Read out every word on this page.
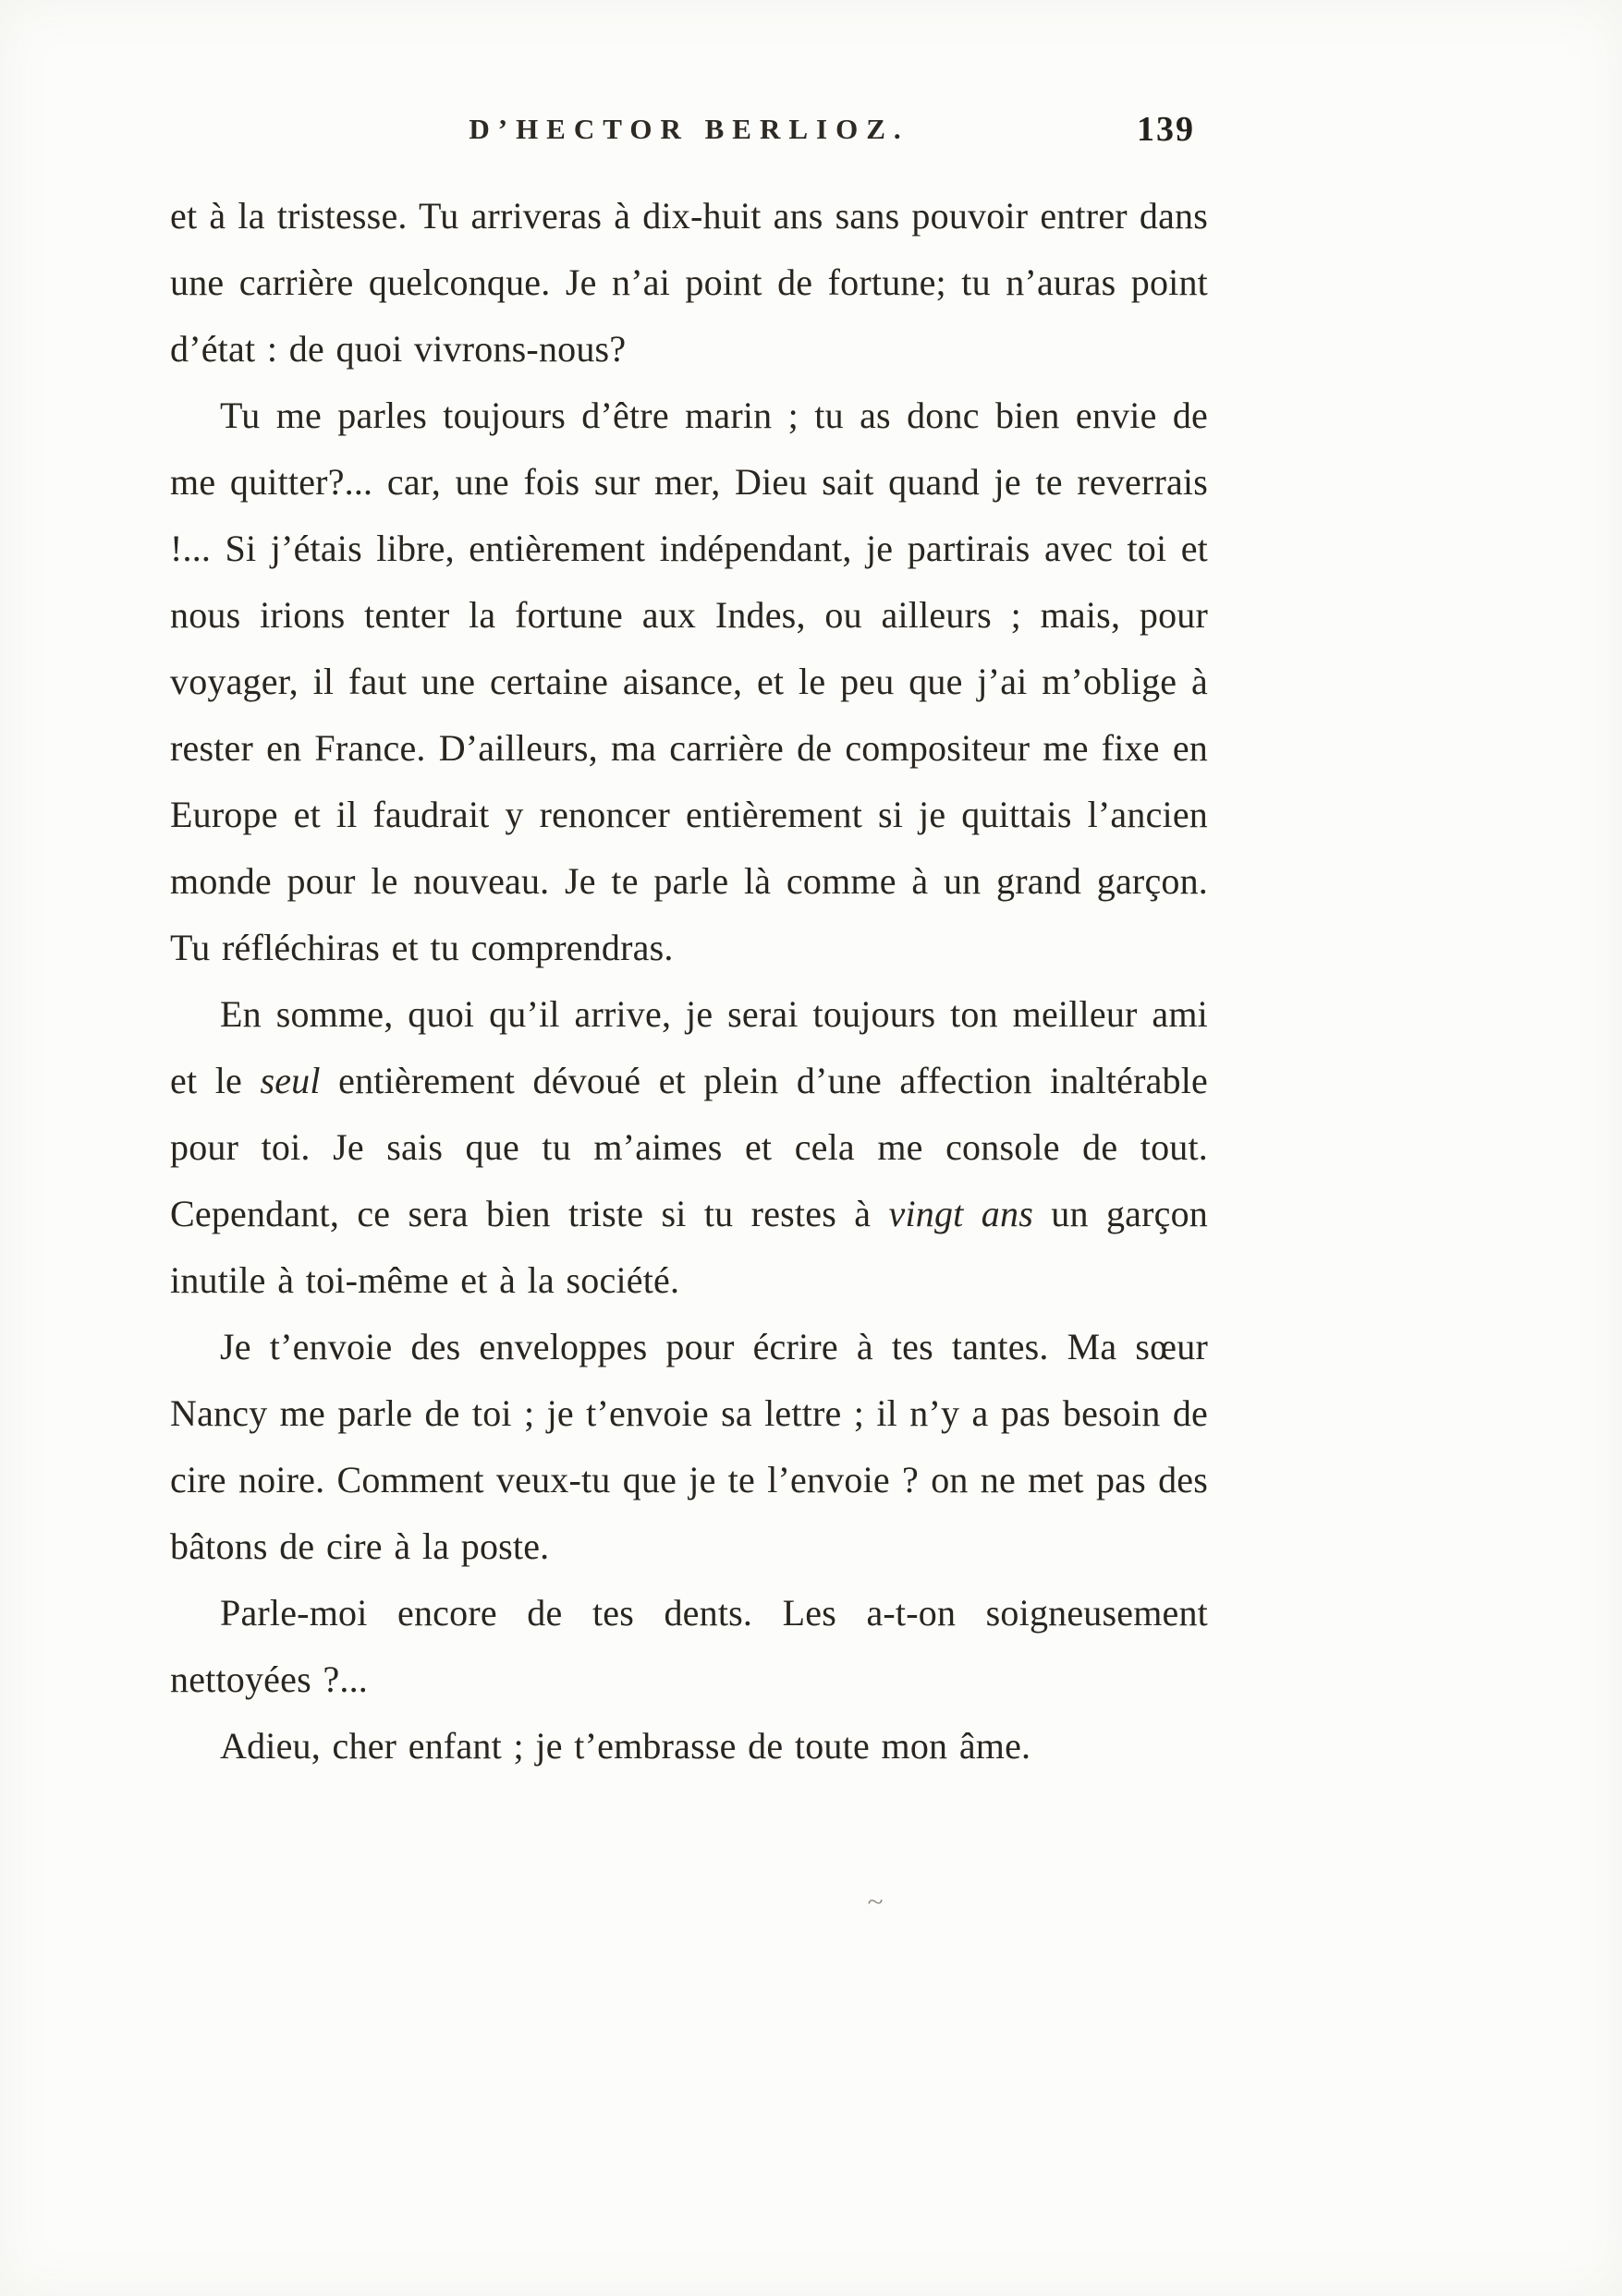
D’HECTOR BERLIOZ.	139

et à la tristesse. Tu arriveras à dix-huit ans sans pouvoir entrer dans une carrière quelconque. Je n’ai point de fortune; tu n’auras point d’état : de quoi vivrons-nous?

Tu me parles toujours d’être marin ; tu as donc bien envie de me quitter?... car, une fois sur mer, Dieu sait quand je te reverrais !... Si j’étais libre, entièrement indépendant, je partirais avec toi et nous irions tenter la fortune aux Indes, ou ailleurs ; mais, pour voyager, il faut une certaine aisance, et le peu que j’ai m’oblige à rester en France. D’ailleurs, ma carrière de compositeur me fixe en Europe et il faudrait y renoncer entièrement si je quittais l’ancien monde pour le nouveau. Je te parle là comme à un grand garçon. Tu réfléchiras et tu comprendras.

En somme, quoi qu’il arrive, je serai toujours ton meilleur ami et le seul entièrement dévoué et plein d’une affection inaltérable pour toi. Je sais que tu m’aimes et cela me console de tout. Cependant, ce sera bien triste si tu restes à vingt ans un garçon inutile à toi-même et à la société.

Je t’envoie des enveloppes pour écrire à tes tantes. Ma sœur Nancy me parle de toi ; je t’envoie sa lettre ; il n’y a pas besoin de cire noire. Comment veux-tu que je te l’envoie ? on ne met pas des bâtons de cire à la poste.

Parle-moi encore de tes dents. Les a-t-on soigneusement nettoyées ?...

Adieu, cher enfant ; je t’embrasse de toute mon âme.

~
